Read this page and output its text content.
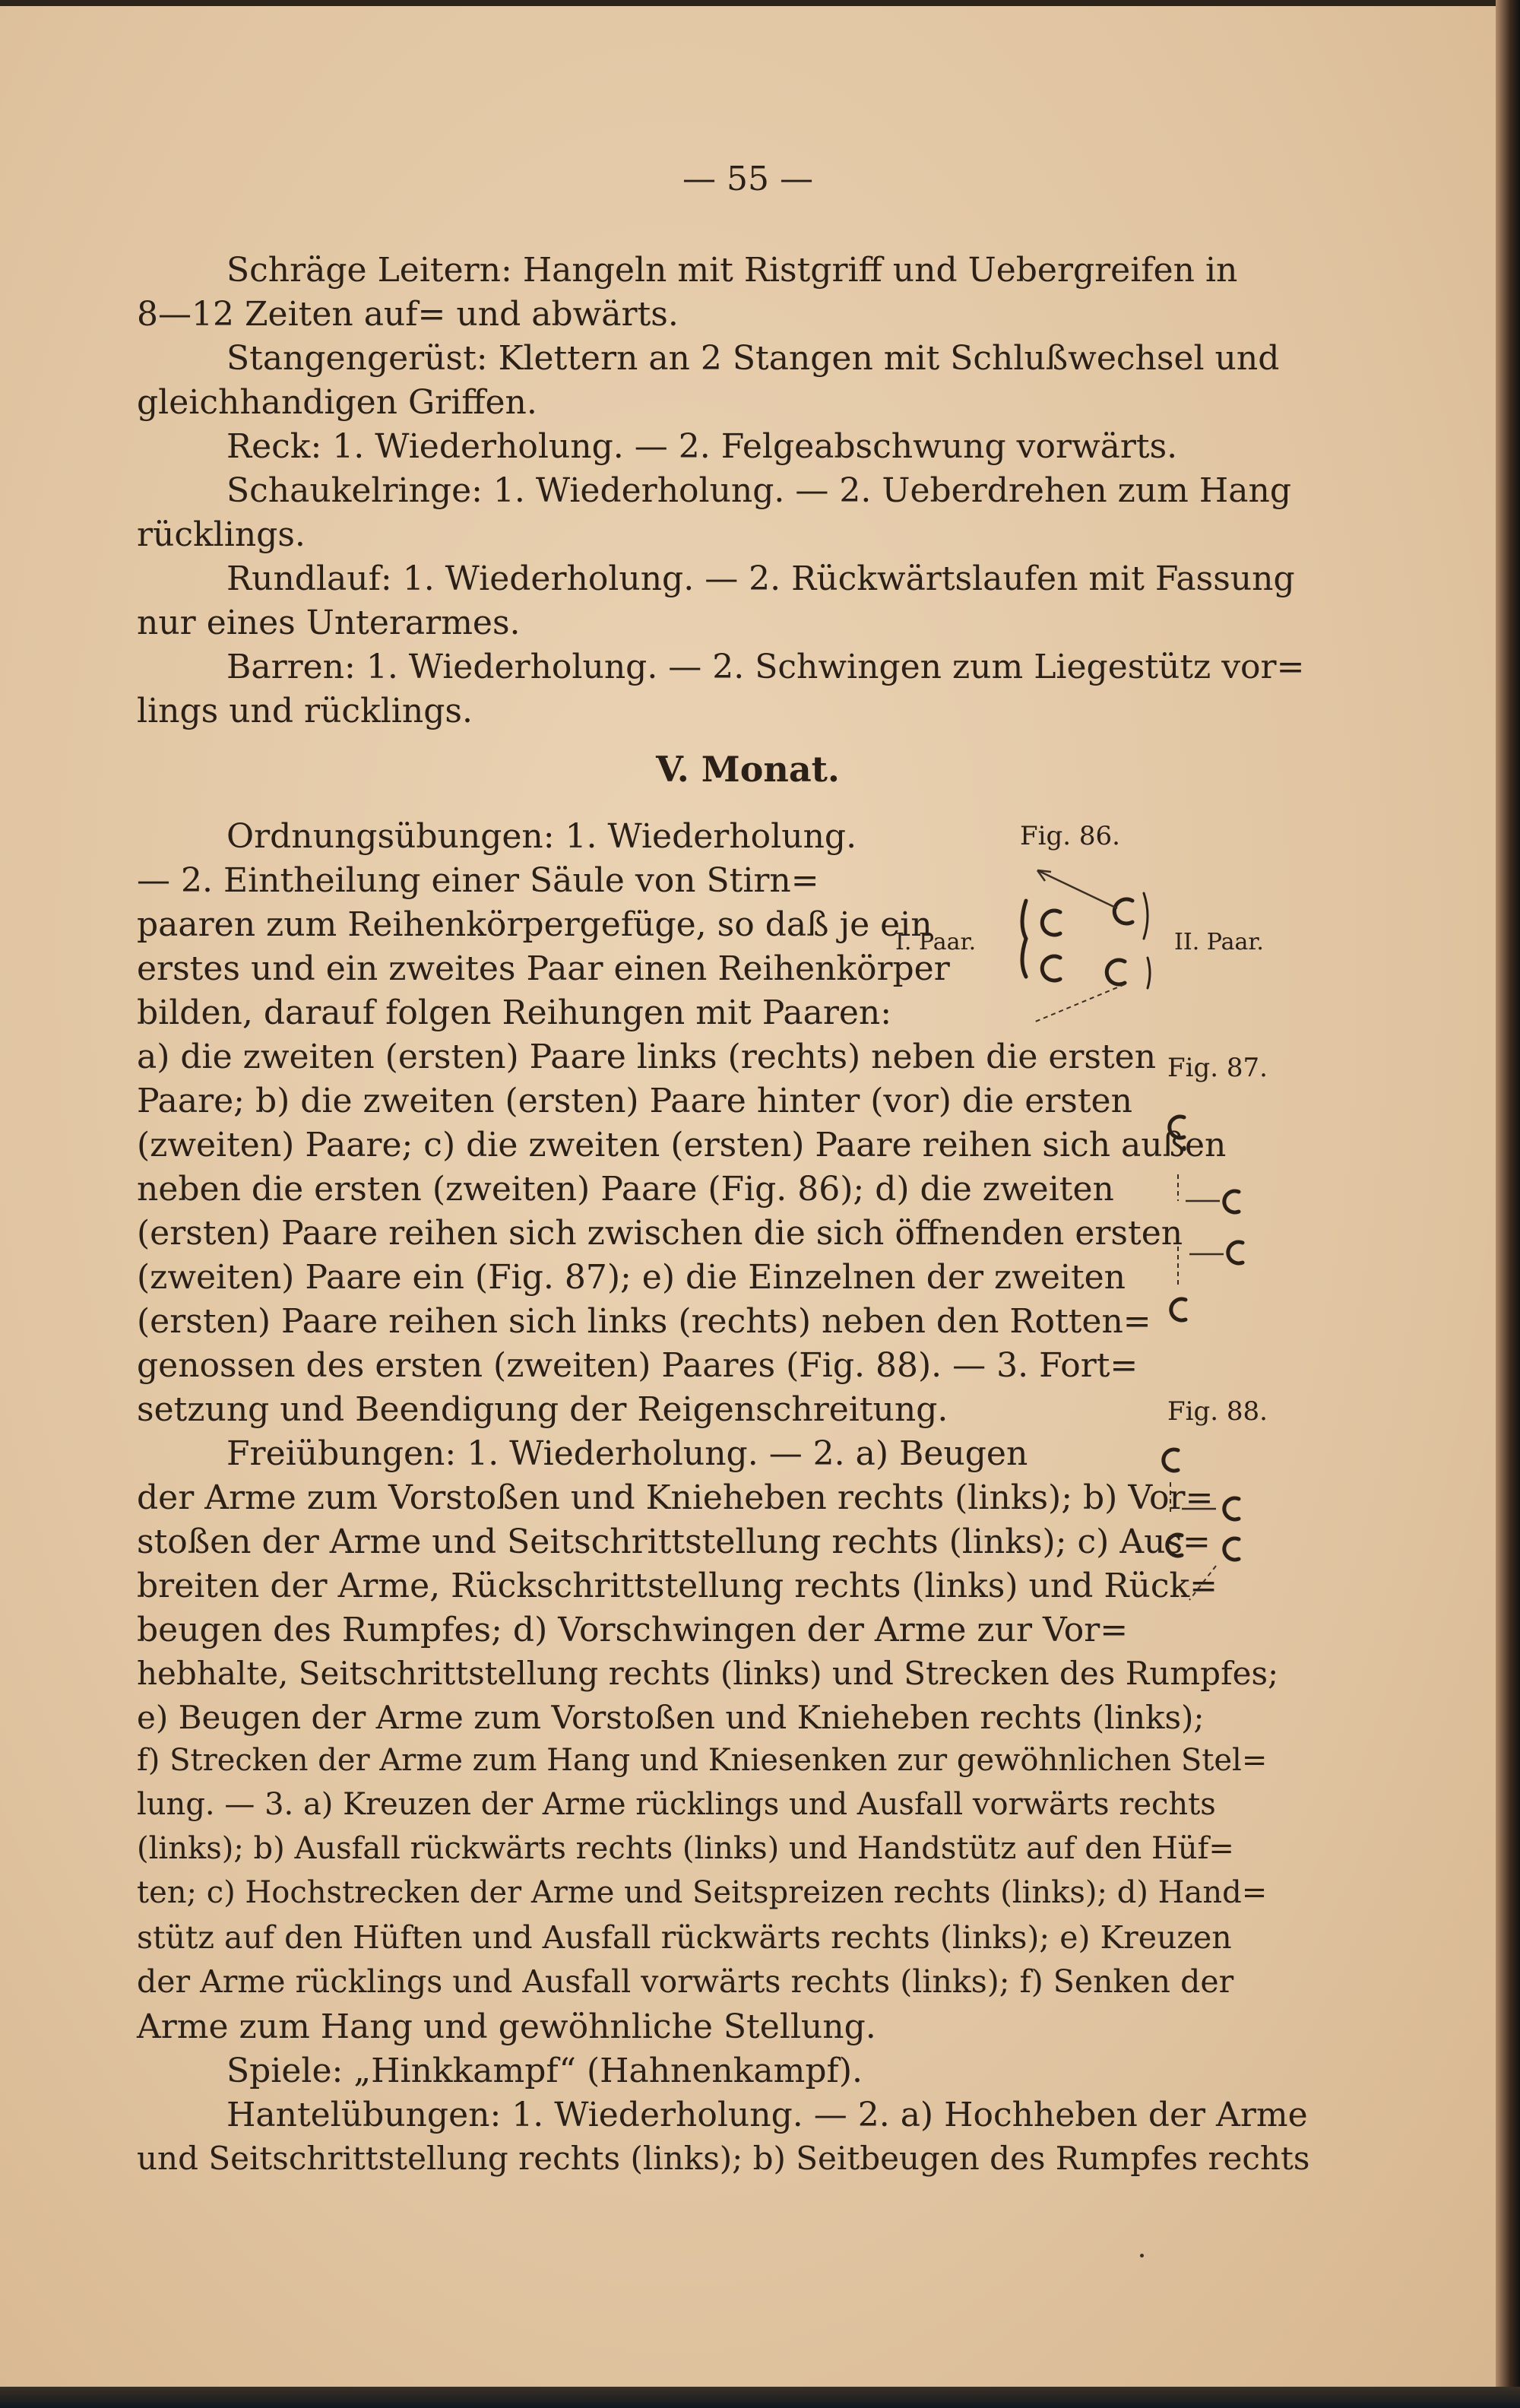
— 55 —
Schräge Leitern: Hangeln mit Ristgriff und Uebergreifen in
8—12 Zeiten auf= und abwärts.
Stangengerüst: Klettern an 2 Stangen mit Schlußwechsel und
gleichhandigen Griffen.
Reck: 1. Wiederholung. — 2. Felgeabschwung vorwärts.
Schaukelringe: 1. Wiederholung. — 2. Ueberdrehen zum Hang
rücklings.
Rundlauf: 1. Wiederholung. — 2. Rückwärtslaufen mit Fassung
nur eines Unterarmes.
Barren: 1. Wiederholung. — 2. Schwingen zum Liegestütz vor=
lings und rücklings.
V. Monat.
Ordnungsübungen: 1. Wiederholung.
— 2. Eintheilung einer Säule von Stirn=
paaren zum Reihenkörpergefüge, so daß je ein
erstes und ein zweites Paar einen Reihenkörper
bilden, darauf folgen Reihungen mit Paaren:
a) die zweiten (ersten) Paare links (rechts) neben die ersten
Paare; b) die zweiten (ersten) Paare hinter (vor) die ersten
(zweiten) Paare; c) die zweiten (ersten) Paare reihen sich außen
neben die ersten (zweiten) Paare (Fig. 86); d) die zweiten
(ersten) Paare reihen sich zwischen die sich öffnenden ersten
(zweiten) Paare ein (Fig. 87); e) die Einzelnen der zweiten
(ersten) Paare reihen sich links (rechts) neben den Rotten=
genossen des ersten (zweiten) Paares (Fig. 88). — 3. Fort=
setzung und Beendigung der Reigenschreitung.
Freiübungen: 1. Wiederholung. — 2. a) Beugen
der Arme zum Vorstoßen und Knieheben rechts (links); b) Vor=
stoßen der Arme und Seitschrittstellung rechts (links); c) Aus=
breiten der Arme, Rückschrittstellung rechts (links) und Rück=
beugen des Rumpfes; d) Vorschwingen der Arme zur Vor=
hebhalte, Seitschrittstellung rechts (links) und Strecken des Rumpfes;
e) Beugen der Arme zum Vorstoßen und Knieheben rechts (links);
f) Strecken der Arme zum Hang und Kniesenken zur gewöhnlichen Stel=
lung. — 3. a) Kreuzen der Arme rücklings und Ausfall vorwärts rechts
(links); b) Ausfall rückwärts rechts (links) und Handstütz auf den Hüf=
ten; c) Hochstrecken der Arme und Seitspreizen rechts (links); d) Hand=
stütz auf den Hüften und Ausfall rückwärts rechts (links); e) Kreuzen
der Arme rücklings und Ausfall vorwärts rechts (links); f) Senken der
Arme zum Hang und gewöhnliche Stellung.
Spiele: „Hinkkampf“ (Hahnenkampf).
Hantelübungen: 1. Wiederholung. — 2. a) Hochheben der Arme
und Seitschrittstellung rechts (links); b) Seitbeugen des Rumpfes rechts
Fig. 86.
I. Paar.	II. Paar.
Fig. 87.
Fig. 88.
